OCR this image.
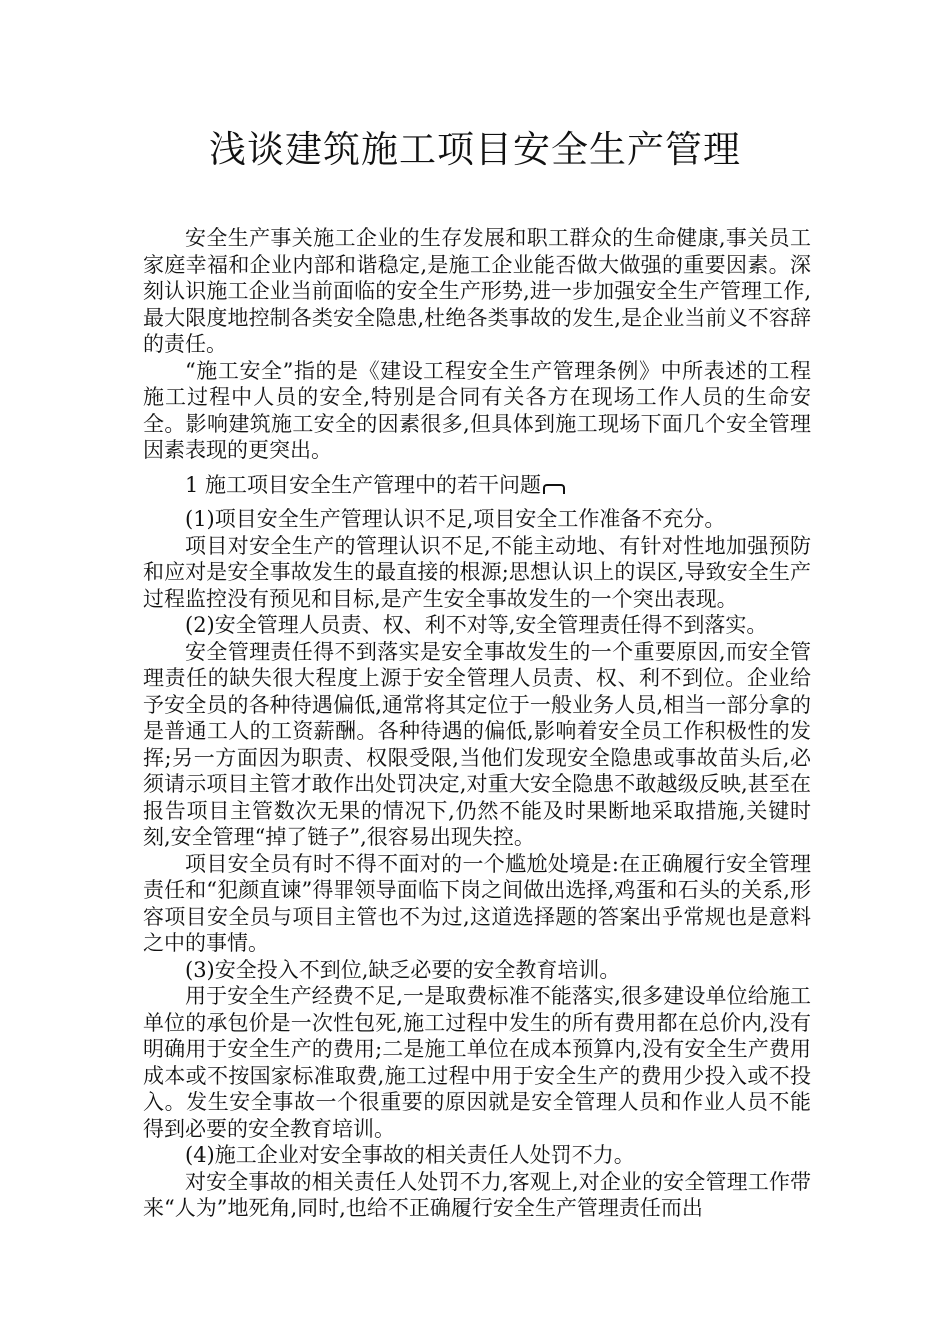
浅谈建筑施工项目安全生产管理

安全生产事关施工企业的生存发展和职工群众的生命健康,事关员工家庭幸福和企业内部和谐稳定,是施工企业能否做大做强的重要因素。深刻认识施工企业当前面临的安全生产形势,进一步加强安全生产管理工作,最大限度地控制各类安全隐患,杜绝各类事故的发生,是企业当前义不容辞的责任。

“施工安全”指的是《建设工程安全生产管理条例》中所表述的工程施工过程中人员的安全,特别是合同有关各方在现场工作人员的生命安全。影响建筑施工安全的因素很多,但具体到施工现场下面几个安全管理因素表现的更突出。

1 施工项目安全生产管理中的若干问题

(1)项目安全生产管理认识不足,项目安全工作准备不充分。

项目对安全生产的管理认识不足,不能主动地、有针对性地加强预防和应对是安全事故发生的最直接的根源;思想认识上的误区,导致安全生产过程监控没有预见和目标,是产生安全事故发生的一个突出表现。

(2)安全管理人员责、权、利不对等,安全管理责任得不到落实。

安全管理责任得不到落实是安全事故发生的一个重要原因,而安全管理责任的缺失很大程度上源于安全管理人员责、权、利不到位。企业给予安全员的各种待遇偏低,通常将其定位于一般业务人员,相当一部分拿的是普通工人的工资薪酬。各种待遇的偏低,影响着安全员工作积极性的发挥;另一方面因为职责、权限受限,当他们发现安全隐患或事故苗头后,必须请示项目主管才敢作出处罚决定,对重大安全隐患不敢越级反映,甚至在报告项目主管数次无果的情况下,仍然不能及时果断地采取措施,关键时刻,安全管理“掉了链子”,很容易出现失控。

项目安全员有时不得不面对的一个尴尬处境是:在正确履行安全管理责任和“犯颜直谏”得罪领导面临下岗之间做出选择,鸡蛋和石头的关系,形容项目安全员与项目主管也不为过,这道选择题的答案出乎常规也是意料之中的事情。

(3)安全投入不到位,缺乏必要的安全教育培训。

用于安全生产经费不足,一是取费标准不能落实,很多建设单位给施工单位的承包价是一次性包死,施工过程中发生的所有费用都在总价内,没有明确用于安全生产的费用;二是施工单位在成本预算内,没有安全生产费用成本或不按国家标准取费,施工过程中用于安全生产的费用少投入或不投入。发生安全事故一个很重要的原因就是安全管理人员和作业人员不能得到必要的安全教育培训。

(4)施工企业对安全事故的相关责任人处罚不力。

对安全事故的相关责任人处罚不力,客观上,对企业的安全管理工作带来“人为”地死角,同时,也给不正确履行安全生产管理责任而出
